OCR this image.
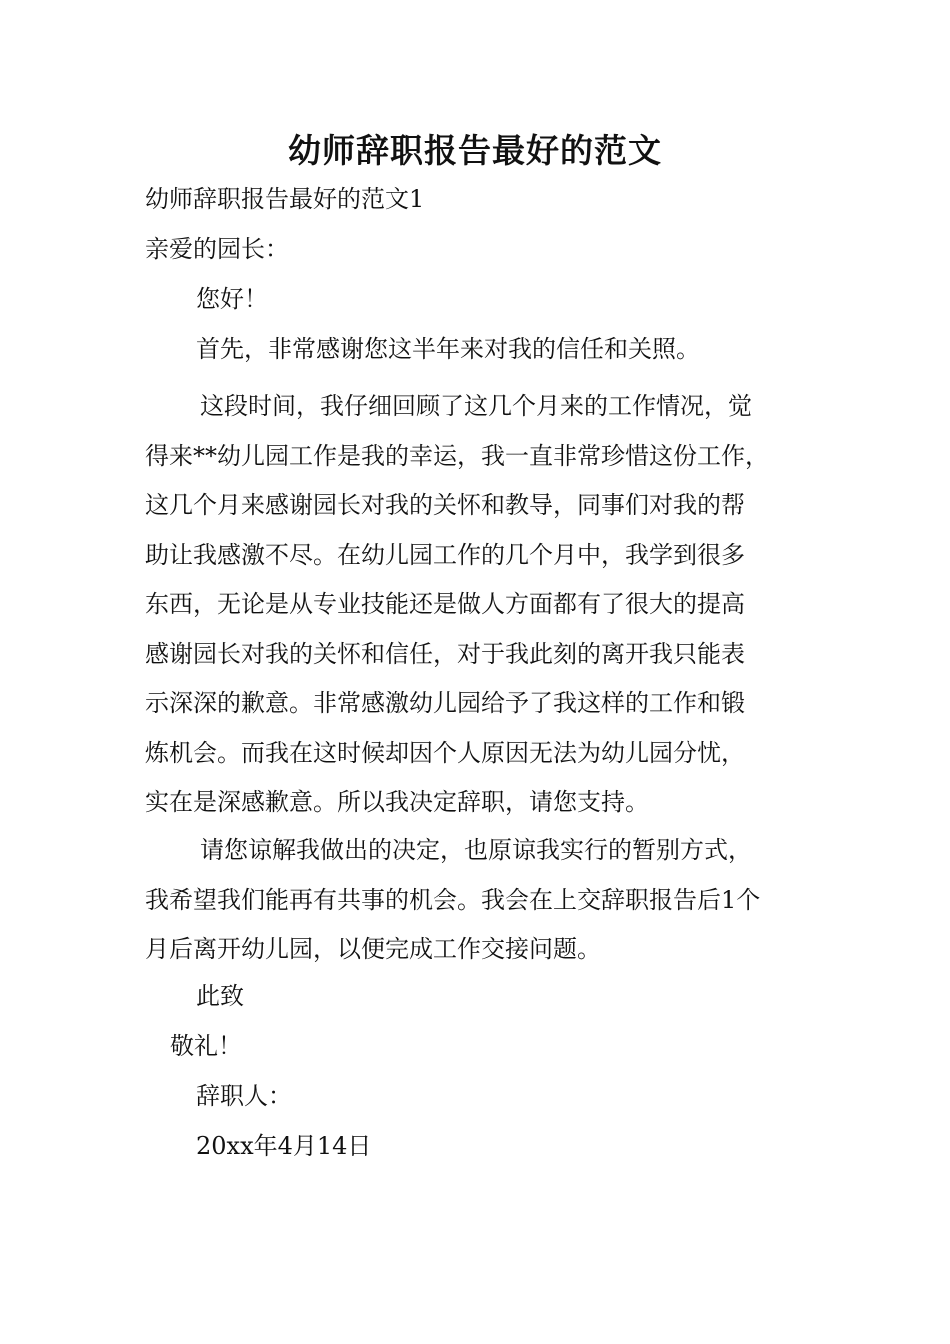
幼师辞职报告最好的范文
幼师辞职报告最好的范文1
亲爱的园长：
您好！
首先，非常感谢您这半年来对我的信任和关照。
这段时间，我仔细回顾了这几个月来的工作情况，觉
得来**幼儿园工作是我的幸运，我一直非常珍惜这份工作，
这几个月来感谢园长对我的关怀和教导，同事们对我的帮
助让我感激不尽。在幼儿园工作的几个月中，我学到很多
东西，无论是从专业技能还是做人方面都有了很大的提高
感谢园长对我的关怀和信任，对于我此刻的离开我只能表
示深深的歉意。非常感激幼儿园给予了我这样的工作和锻
炼机会。而我在这时候却因个人原因无法为幼儿园分忧，
实在是深感歉意。所以我决定辞职，请您支持。
请您谅解我做出的决定，也原谅我实行的暂别方式，
我希望我们能再有共事的机会。我会在上交辞职报告后1个
月后离开幼儿园，以便完成工作交接问题。
此致
敬礼！
辞职人：
20xx年4月14日
